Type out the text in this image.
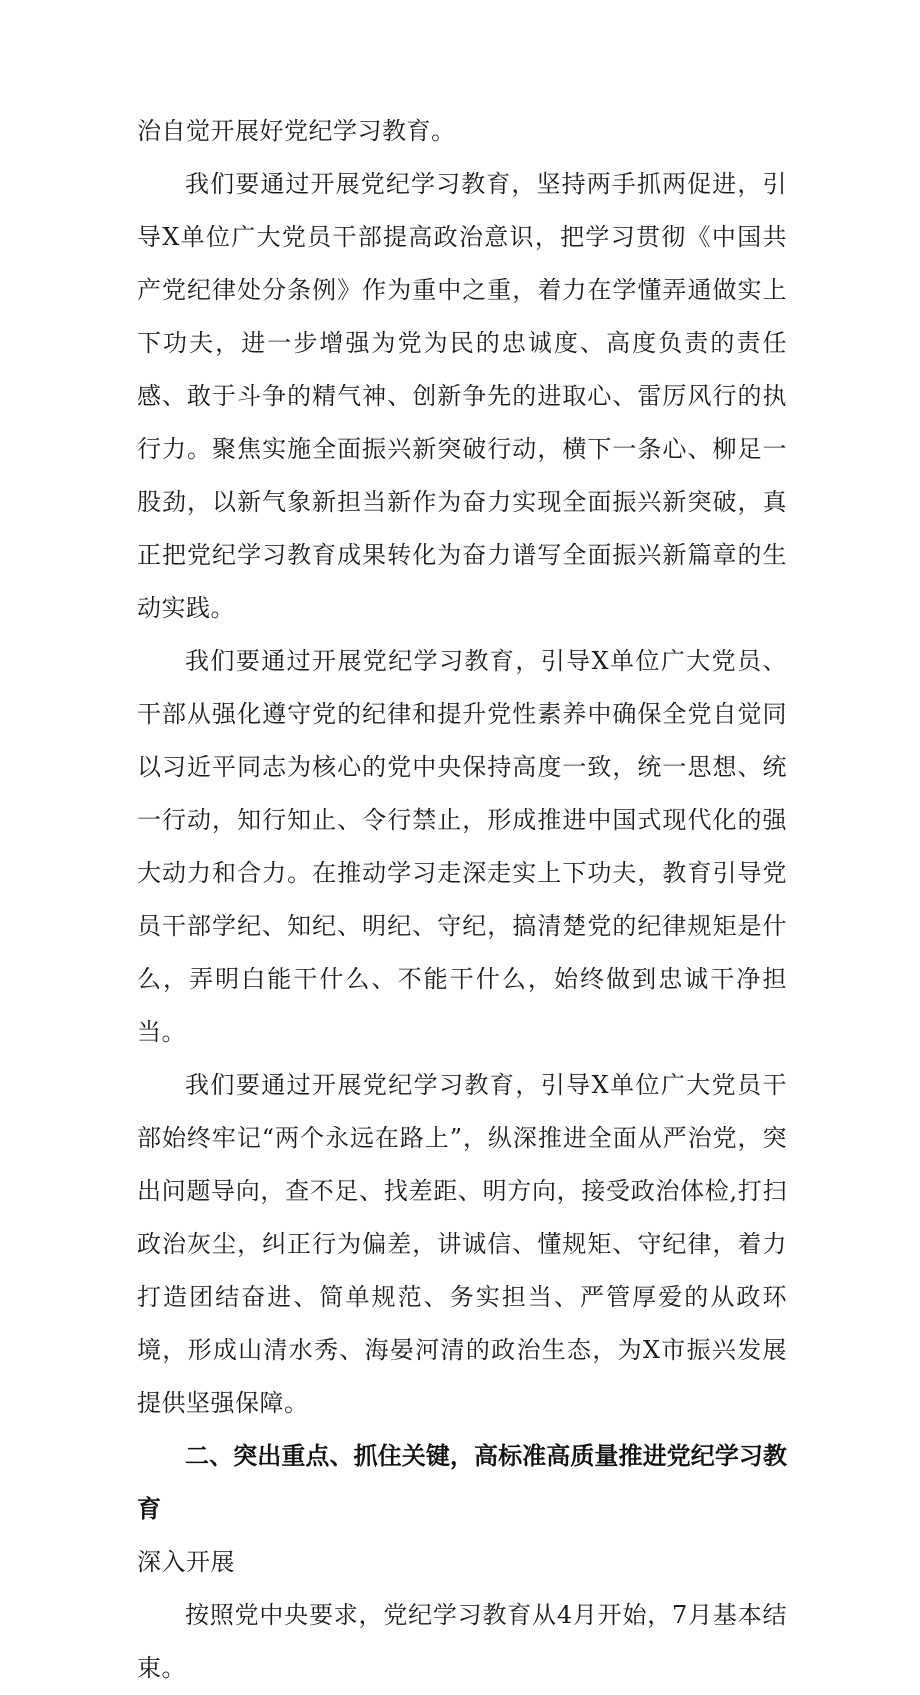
治自觉开展好党纪学习教育。

我们要通过开展党纪学习教育，坚持两手抓两促进，引导X单位广大党员干部提高政治意识，把学习贯彻《中国共产党纪律处分条例》作为重中之重，着力在学懂弄通做实上下功夫，进一步增强为党为民的忠诚度、高度负责的责任感、敢于斗争的精气神、创新争先的进取心、雷厉风行的执行力。聚焦实施全面振兴新突破行动，横下一条心、柳足一股劲，以新气象新担当新作为奋力实现全面振兴新突破，真正把党纪学习教育成果转化为奋力谱写全面振兴新篇章的生动实践。

我们要通过开展党纪学习教育，引导X单位广大党员、干部从强化遵守党的纪律和提升党性素养中确保全党自觉同以习近平同志为核心的党中央保持高度一致，统一思想、统一行动，知行知止、令行禁止，形成推进中国式现代化的强大动力和合力。在推动学习走深走实上下功夫，教育引导党员干部学纪、知纪、明纪、守纪，搞清楚党的纪律规矩是什么，弄明白能干什么、不能干什么，始终做到忠诚干净担当。

我们要通过开展党纪学习教育，引导X单位广大党员干部始终牢记“两个永远在路上”，纵深推进全面从严治党，突出问题导向，查不足、找差距、明方向，接受政治体检,打扫政治灰尘，纠正行为偏差，讲诚信、懂规矩、守纪律，着力打造团结奋进、简单规范、务实担当、严管厚爱的从政环境，形成山清水秀、海晏河清的政治生态，为X市振兴发展提供坚强保障。

二、突出重点、抓住关键，高标准高质量推进党纪学习教育

深入开展

按照党中央要求，党纪学习教育从4月开始，7月基本结束。
